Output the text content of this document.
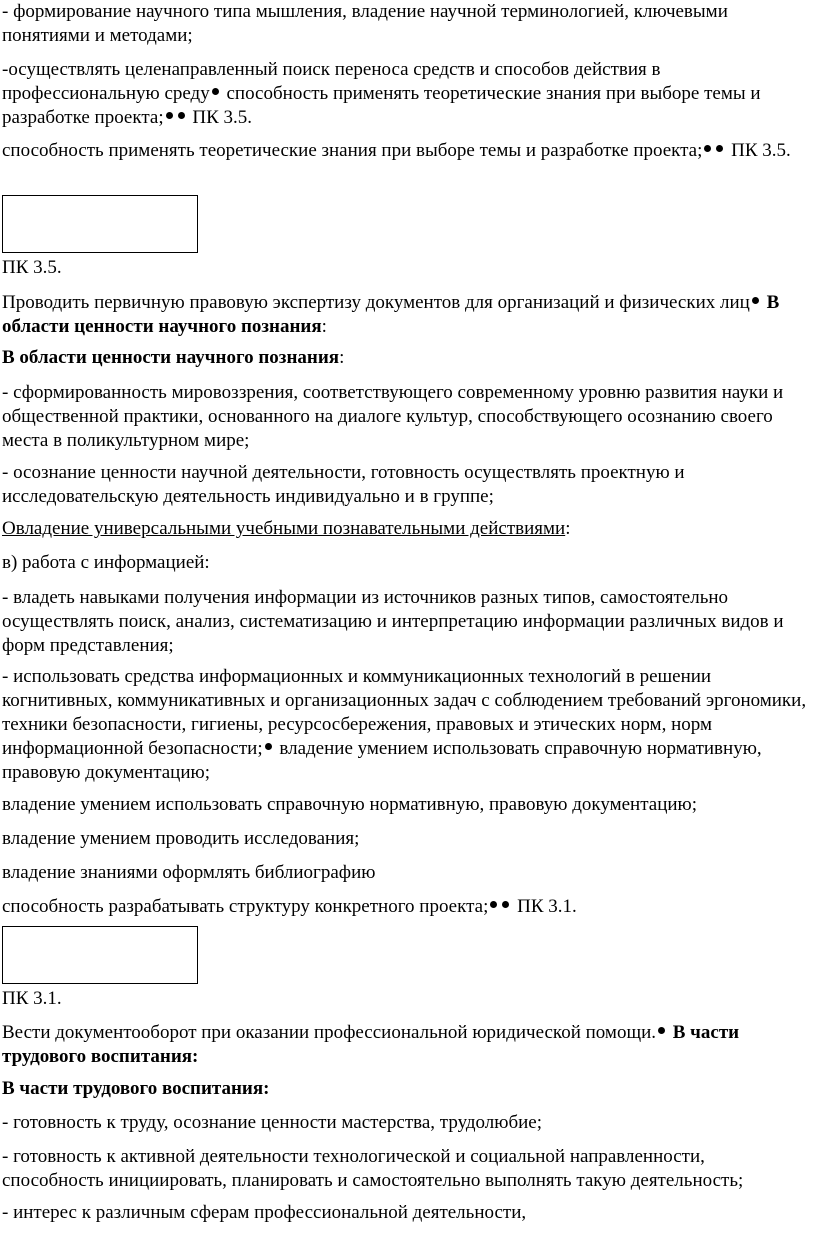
- формирование научного типа мышления, владение научной терминологией, ключевыми понятиями и методами;

-осуществлять целенаправленный поиск переноса средств и способов действия в профессиональную среду способность применять теоретические знания при выборе темы и разработке проекта; ПК 3.5.

способность применять теоретические знания при выборе темы и разработке проекта; ПК 3.5.

ПК 3.5.

Проводить первичную правовую экспертизу документов для организаций и физических лиц В области ценности научного познания:

В области ценности научного познания:

- сформированность мировоззрения, соответствующего современному уровню развития науки и общественной практики, основанного на диалоге культур, способствующего осознанию своего места в поликультурном мире;

- осознание ценности научной деятельности, готовность осуществлять проектную и исследовательскую деятельность индивидуально и в группе;

Овладение универсальными учебными познавательными действиями:

в) работа с информацией:

- владеть навыками получения информации из источников разных типов, самостоятельно осуществлять поиск, анализ, систематизацию и интерпретацию информации различных видов и форм представления;

- использовать средства информационных и коммуникационных технологий в решении когнитивных, коммуникативных и организационных задач с соблюдением требований эргономики, техники безопасности, гигиены, ресурсосбережения, правовых и этических норм, норм информационной безопасности; владение умением использовать справочную нормативную, правовую документацию;

владение умением использовать справочную нормативную, правовую документацию;

владение умением проводить исследования;

владение знаниями оформлять библиографию

способность разрабатывать структуру конкретного проекта; ПК 3.1.

ПК 3.1.

Вести документооборот при оказании профессиональной юридической помощи. В части трудового воспитания:

В части трудового воспитания:

- готовность к труду, осознание ценности мастерства, трудолюбие;

- готовность к активной деятельности технологической и социальной направленности, способность инициировать, планировать и самостоятельно выполнять такую деятельность;

- интерес к различным сферам профессиональной деятельности,
